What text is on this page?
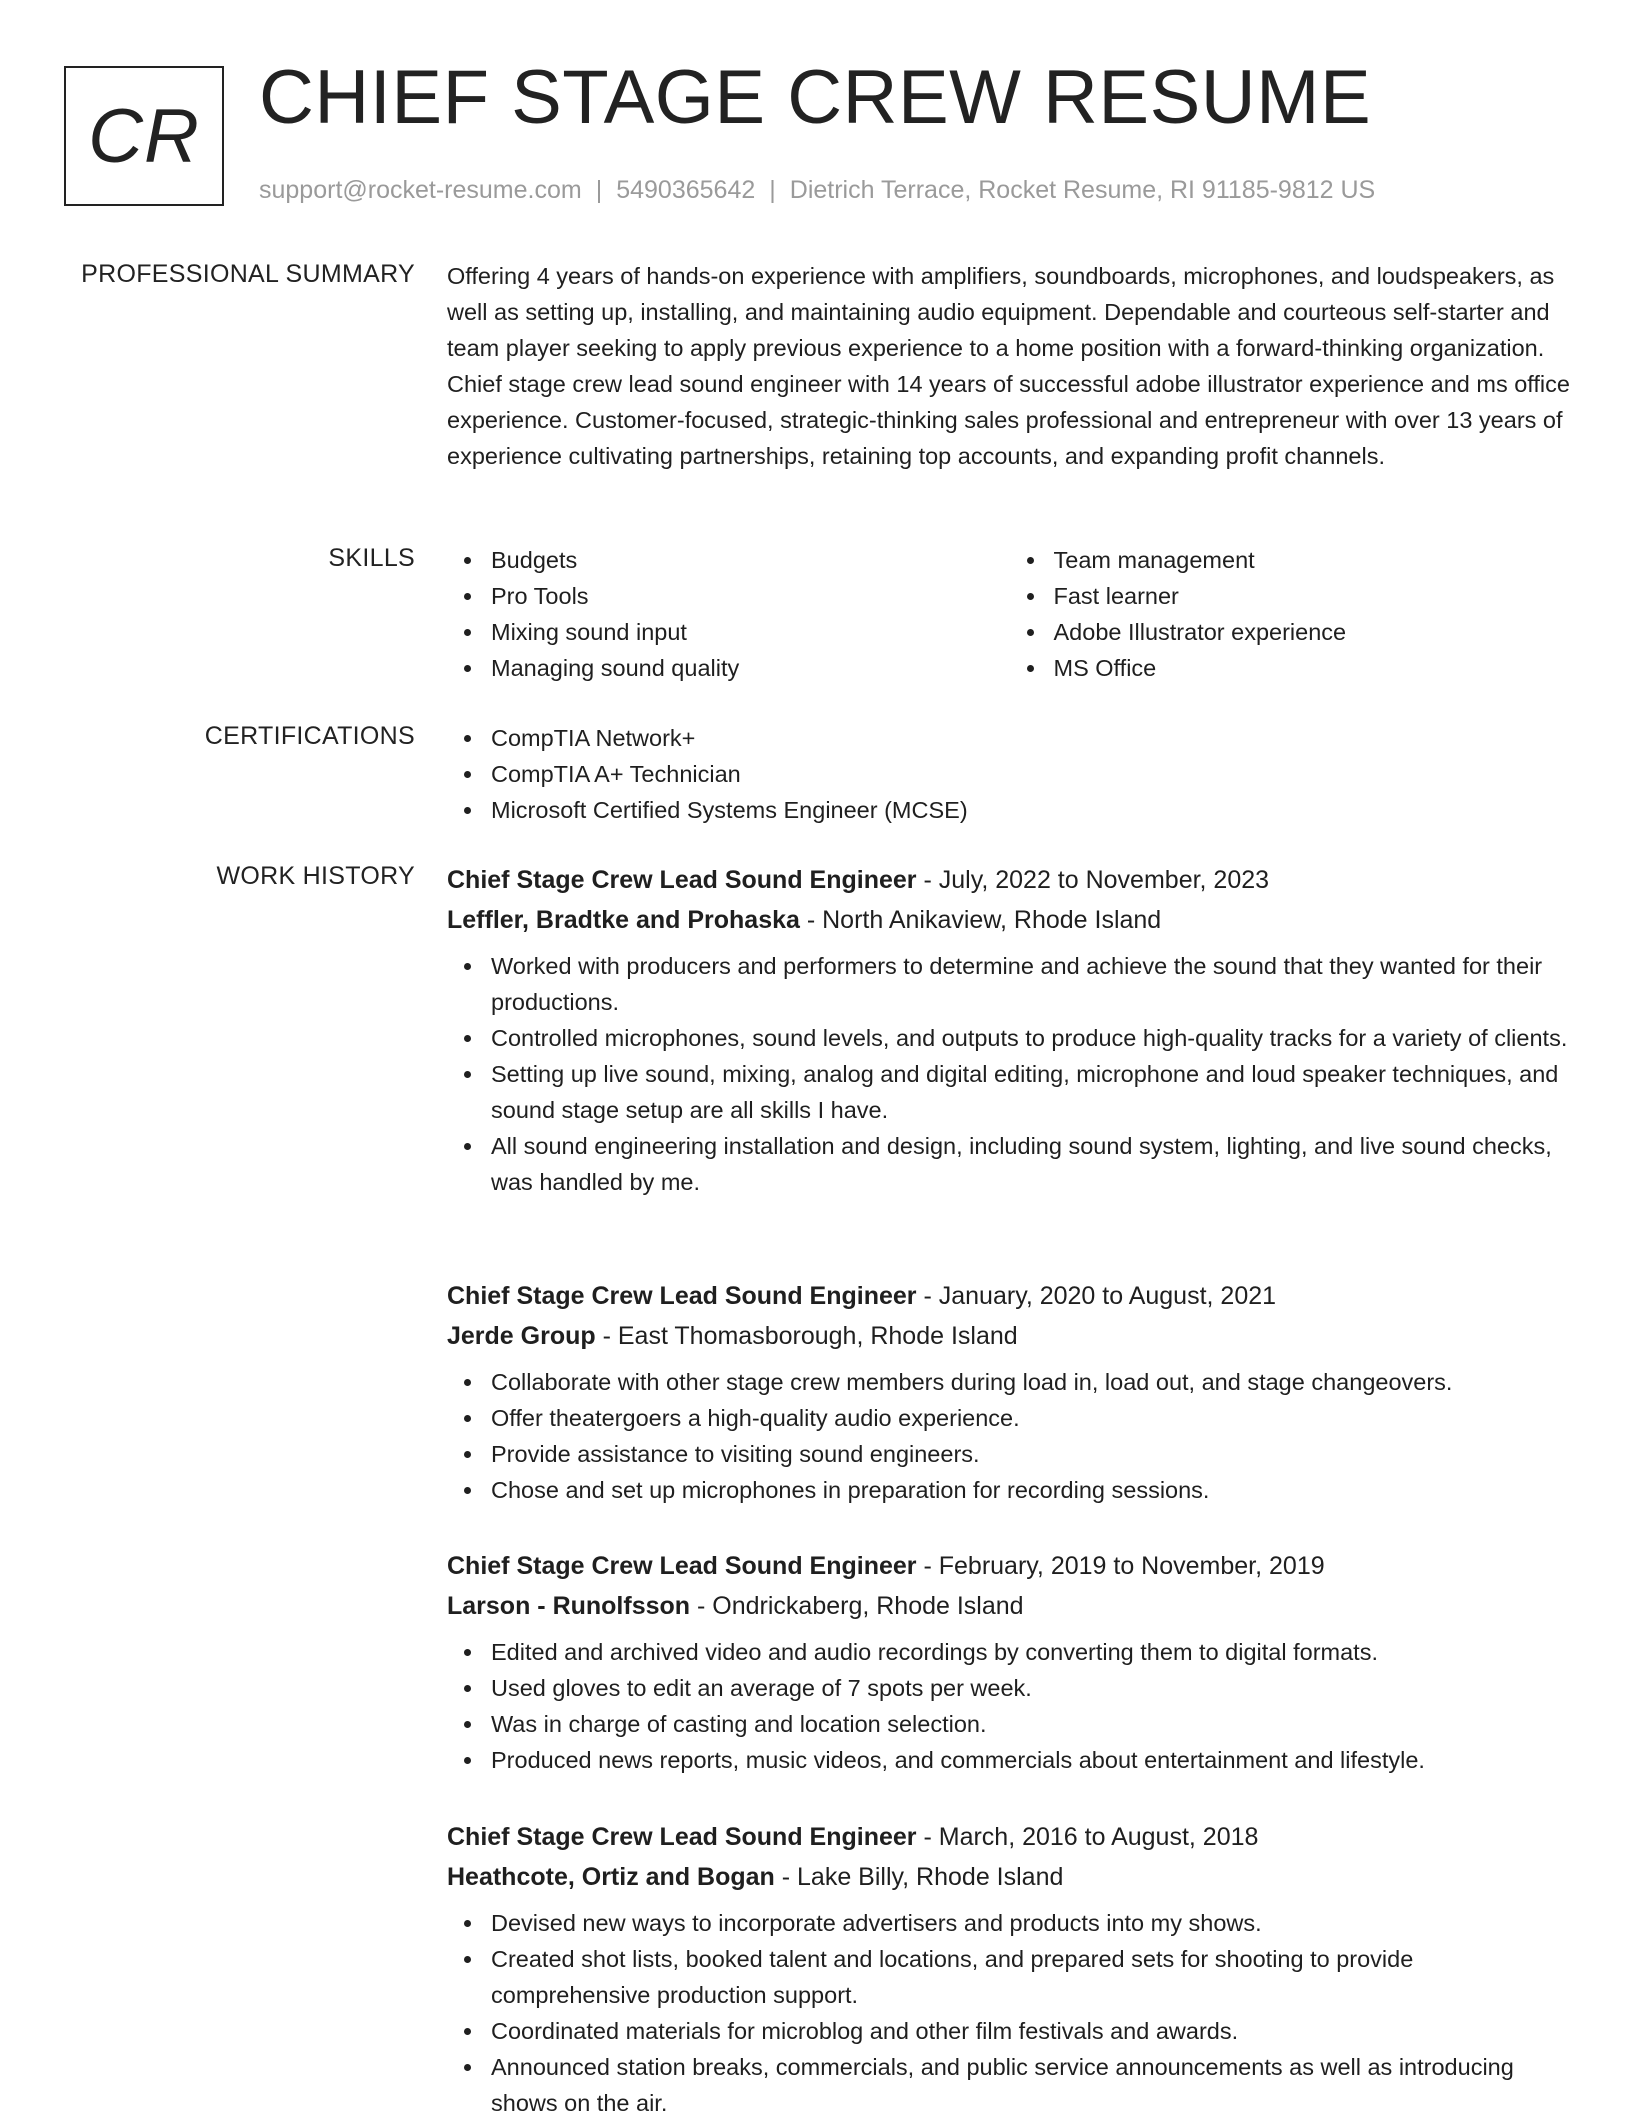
CR CHIEF STAGE CREW RESUME
support@rocket-resume.com | 5490365642 | Dietrich Terrace, Rocket Resume, RI 91185-9812 US
PROFESSIONAL SUMMARY Offering 4 years of hands-on experience with amplifiers, soundboards, microphones, and loudspeakers, as well as setting up, installing, and maintaining audio equipment. Dependable and courteous self-starter and team player seeking to apply previous experience to a home position with a forward-thinking organization. Chief stage crew lead sound engineer with 14 years of successful adobe illustrator experience and ms office experience. Customer-focused, strategic-thinking sales professional and entrepreneur with over 13 years of experience cultivating partnerships, retaining top accounts, and expanding profit channels.
SKILLS	Budgets
Pro Tools
Mixing sound input
Managing sound quality
Team management
Fast learner
Adobe Illustrator experience
MS Office
CERTIFICATIONS	CompTIA Network+
CompTIA A+ Technician
Microsoft Certified Systems Engineer (MCSE)
WORK HISTORY Chief Stage Crew Lead Sound Engineer - July, 2022 to November, 2023
Leffler, Bradtke and Prohaska - North Anikaview, Rhode Island
Worked with producers and performers to determine and achieve the sound that they wanted for their productions.
Controlled microphones, sound levels, and outputs to produce high-quality tracks for a variety of clients.
Setting up live sound, mixing, analog and digital editing, microphone and loud speaker techniques, and sound stage setup are all skills I have.
All sound engineering installation and design, including sound system, lighting, and live sound checks, was handled by me.
Chief Stage Crew Lead Sound Engineer - January, 2020 to August, 2021
Jerde Group - East Thomasborough, Rhode Island
Collaborate with other stage crew members during load in, load out, and stage changeovers.
Offer theatergoers a high-quality audio experience.
Provide assistance to visiting sound engineers.
Chose and set up microphones in preparation for recording sessions.
Chief Stage Crew Lead Sound Engineer - February, 2019 to November, 2019
Larson - Runolfsson - Ondrickaberg, Rhode Island
Edited and archived video and audio recordings by converting them to digital formats.
Used gloves to edit an average of 7 spots per week.
Was in charge of casting and location selection.
Produced news reports, music videos, and commercials about entertainment and lifestyle.
Chief Stage Crew Lead Sound Engineer - March, 2016 to August, 2018
Heathcote, Ortiz and Bogan - Lake Billy, Rhode Island
Devised new ways to incorporate advertisers and products into my shows.
Created shot lists, booked talent and locations, and prepared sets for shooting to provide comprehensive production support.
Coordinated materials for microblog and other film festivals and awards.
Announced station breaks, commercials, and public service announcements as well as introducing shows on the air.
